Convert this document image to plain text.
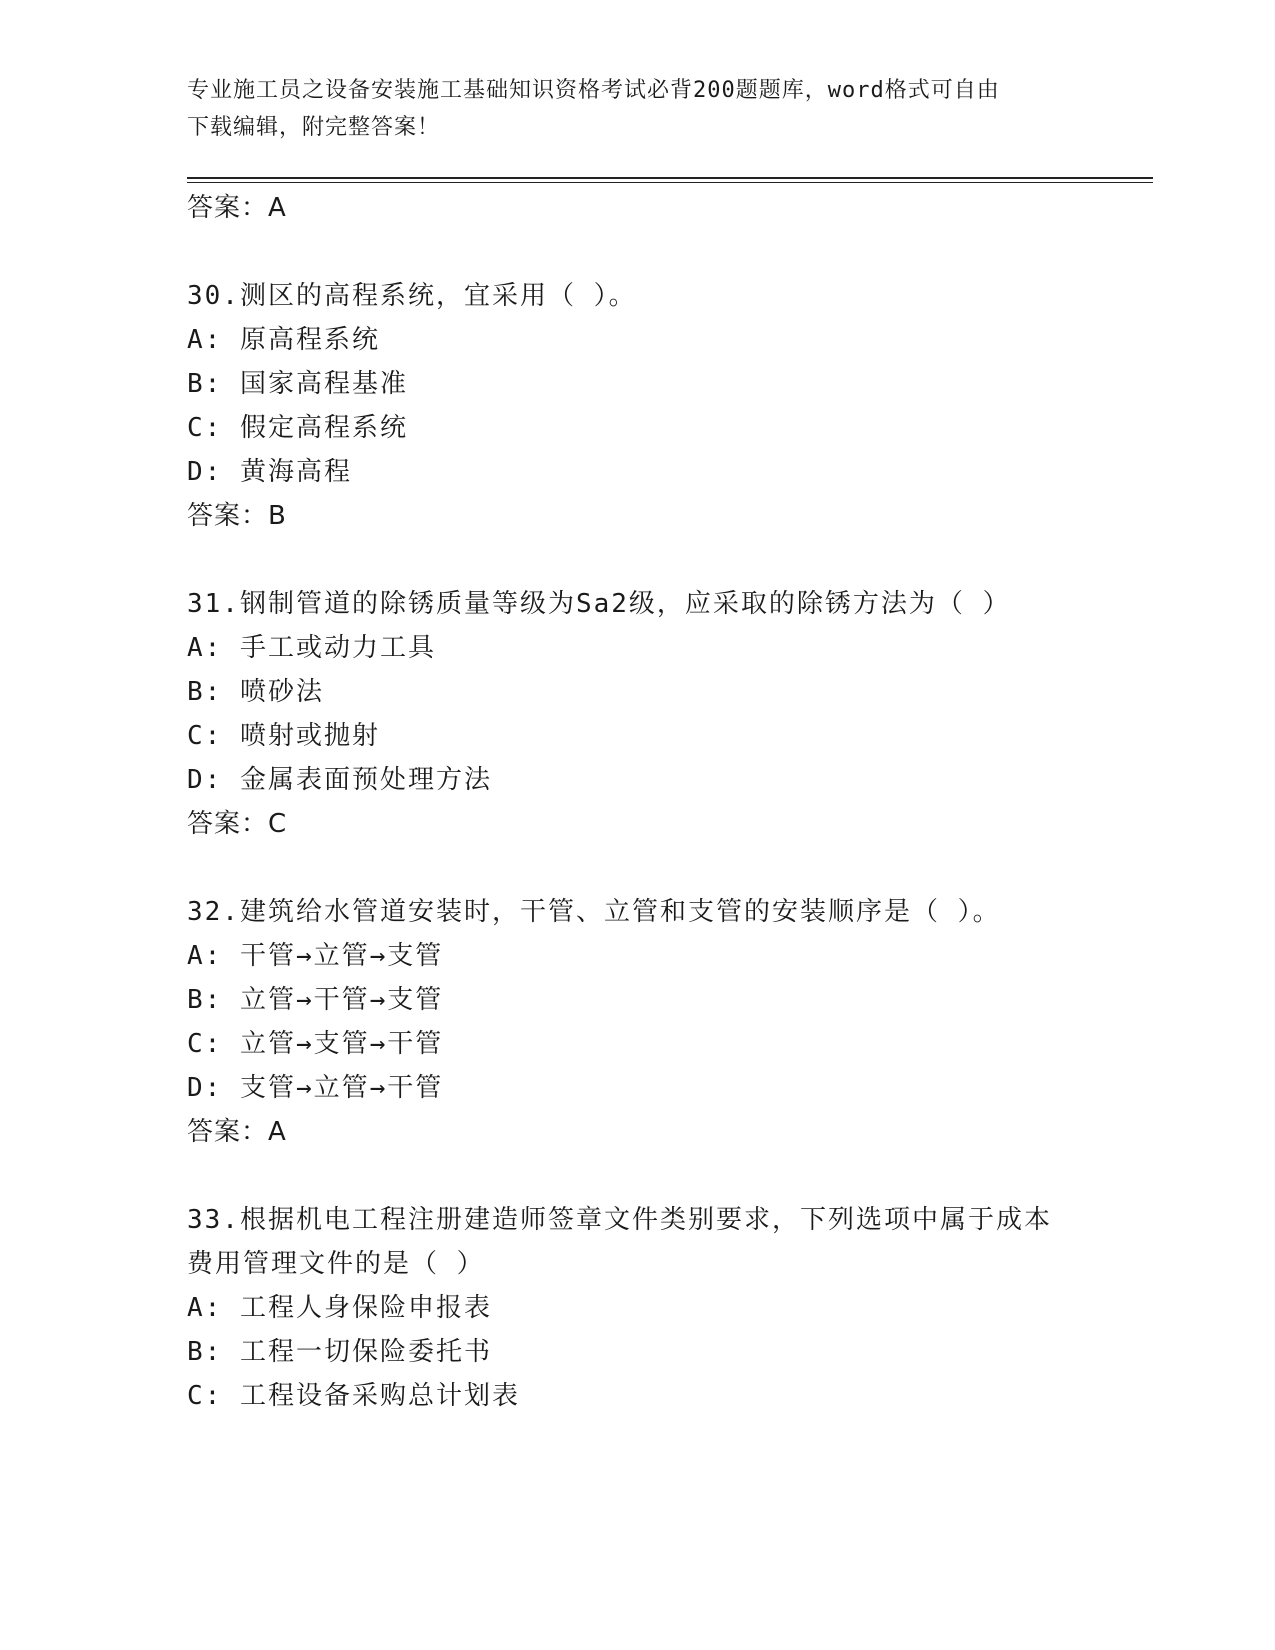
专业施工员之设备安装施工基础知识资格考试必背200题题库，word格式可自由
下载编辑，附完整答案！
答案：A
30.测区的高程系统，宜采用（ ）。
A: 原高程系统
B: 国家高程基准
C: 假定高程系统
D: 黄海高程
答案：B
31.钢制管道的除锈质量等级为Sa2级，应采取的除锈方法为（ ）
A: 手工或动力工具
B: 喷砂法
C: 喷射或抛射
D: 金属表面预处理方法
答案：C
32.建筑给水管道安装时，干管、立管和支管的安装顺序是（ ）。
A: 干管→立管→支管
B: 立管→干管→支管
C: 立管→支管→干管
D: 支管→立管→干管
答案：A
33.根据机电工程注册建造师签章文件类别要求，下列选项中属于成本
费用管理文件的是（ ）
A: 工程人身保险申报表
B: 工程一切保险委托书
C: 工程设备采购总计划表
